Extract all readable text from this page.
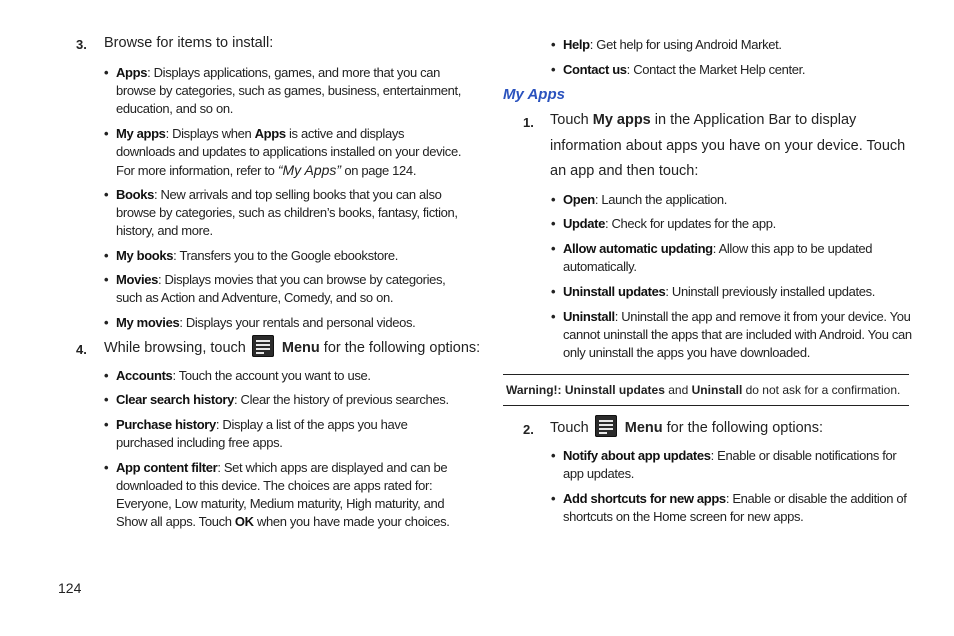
3. Browse for items to install:
• Apps: Displays applications, games, and more that you can browse by categories, such as games, business, entertainment, education, and so on.
• My apps: Displays when Apps is active and displays downloads and updates to applications installed on your device. For more information, refer to “My Apps” on page 124.
• Books: New arrivals and top selling books that you can also browse by categories, such as children’s books, fantasy, fiction, history, and more.
• My books: Transfers you to the Google ebookstore.
• Movies: Displays movies that you can browse by categories, such as Action and Adventure, Comedy, and so on.
• My movies: Displays your rentals and personal videos.
4. While browsing, touch Menu for the following options:
• Accounts: Touch the account you want to use.
• Clear search history: Clear the history of previous searches.
• Purchase history: Display a list of the apps you have purchased including free apps.
• App content filter: Set which apps are displayed and can be downloaded to this device. The choices are apps rated for: Everyone, Low maturity, Medium maturity, High maturity, and Show all apps. Touch OK when you have made your choices.
124
• Help: Get help for using Android Market.
• Contact us: Contact the Market Help center.
My Apps
1. Touch My apps in the Application Bar to display information about apps you have on your device. Touch an app and then touch:
• Open: Launch the application.
• Update: Check for updates for the app.
• Allow automatic updating: Allow this app to be updated automatically.
• Uninstall updates: Uninstall previously installed updates.
• Uninstall: Uninstall the app and remove it from your device. You cannot uninstall the apps that are included with Android. You can only uninstall the apps you have downloaded.
Warning!: Uninstall updates and Uninstall do not ask for a confirmation.
2. Touch Menu for the following options:
• Notify about app updates: Enable or disable notifications for app updates.
• Add shortcuts for new apps: Enable or disable the addition of shortcuts on the Home screen for new apps.
